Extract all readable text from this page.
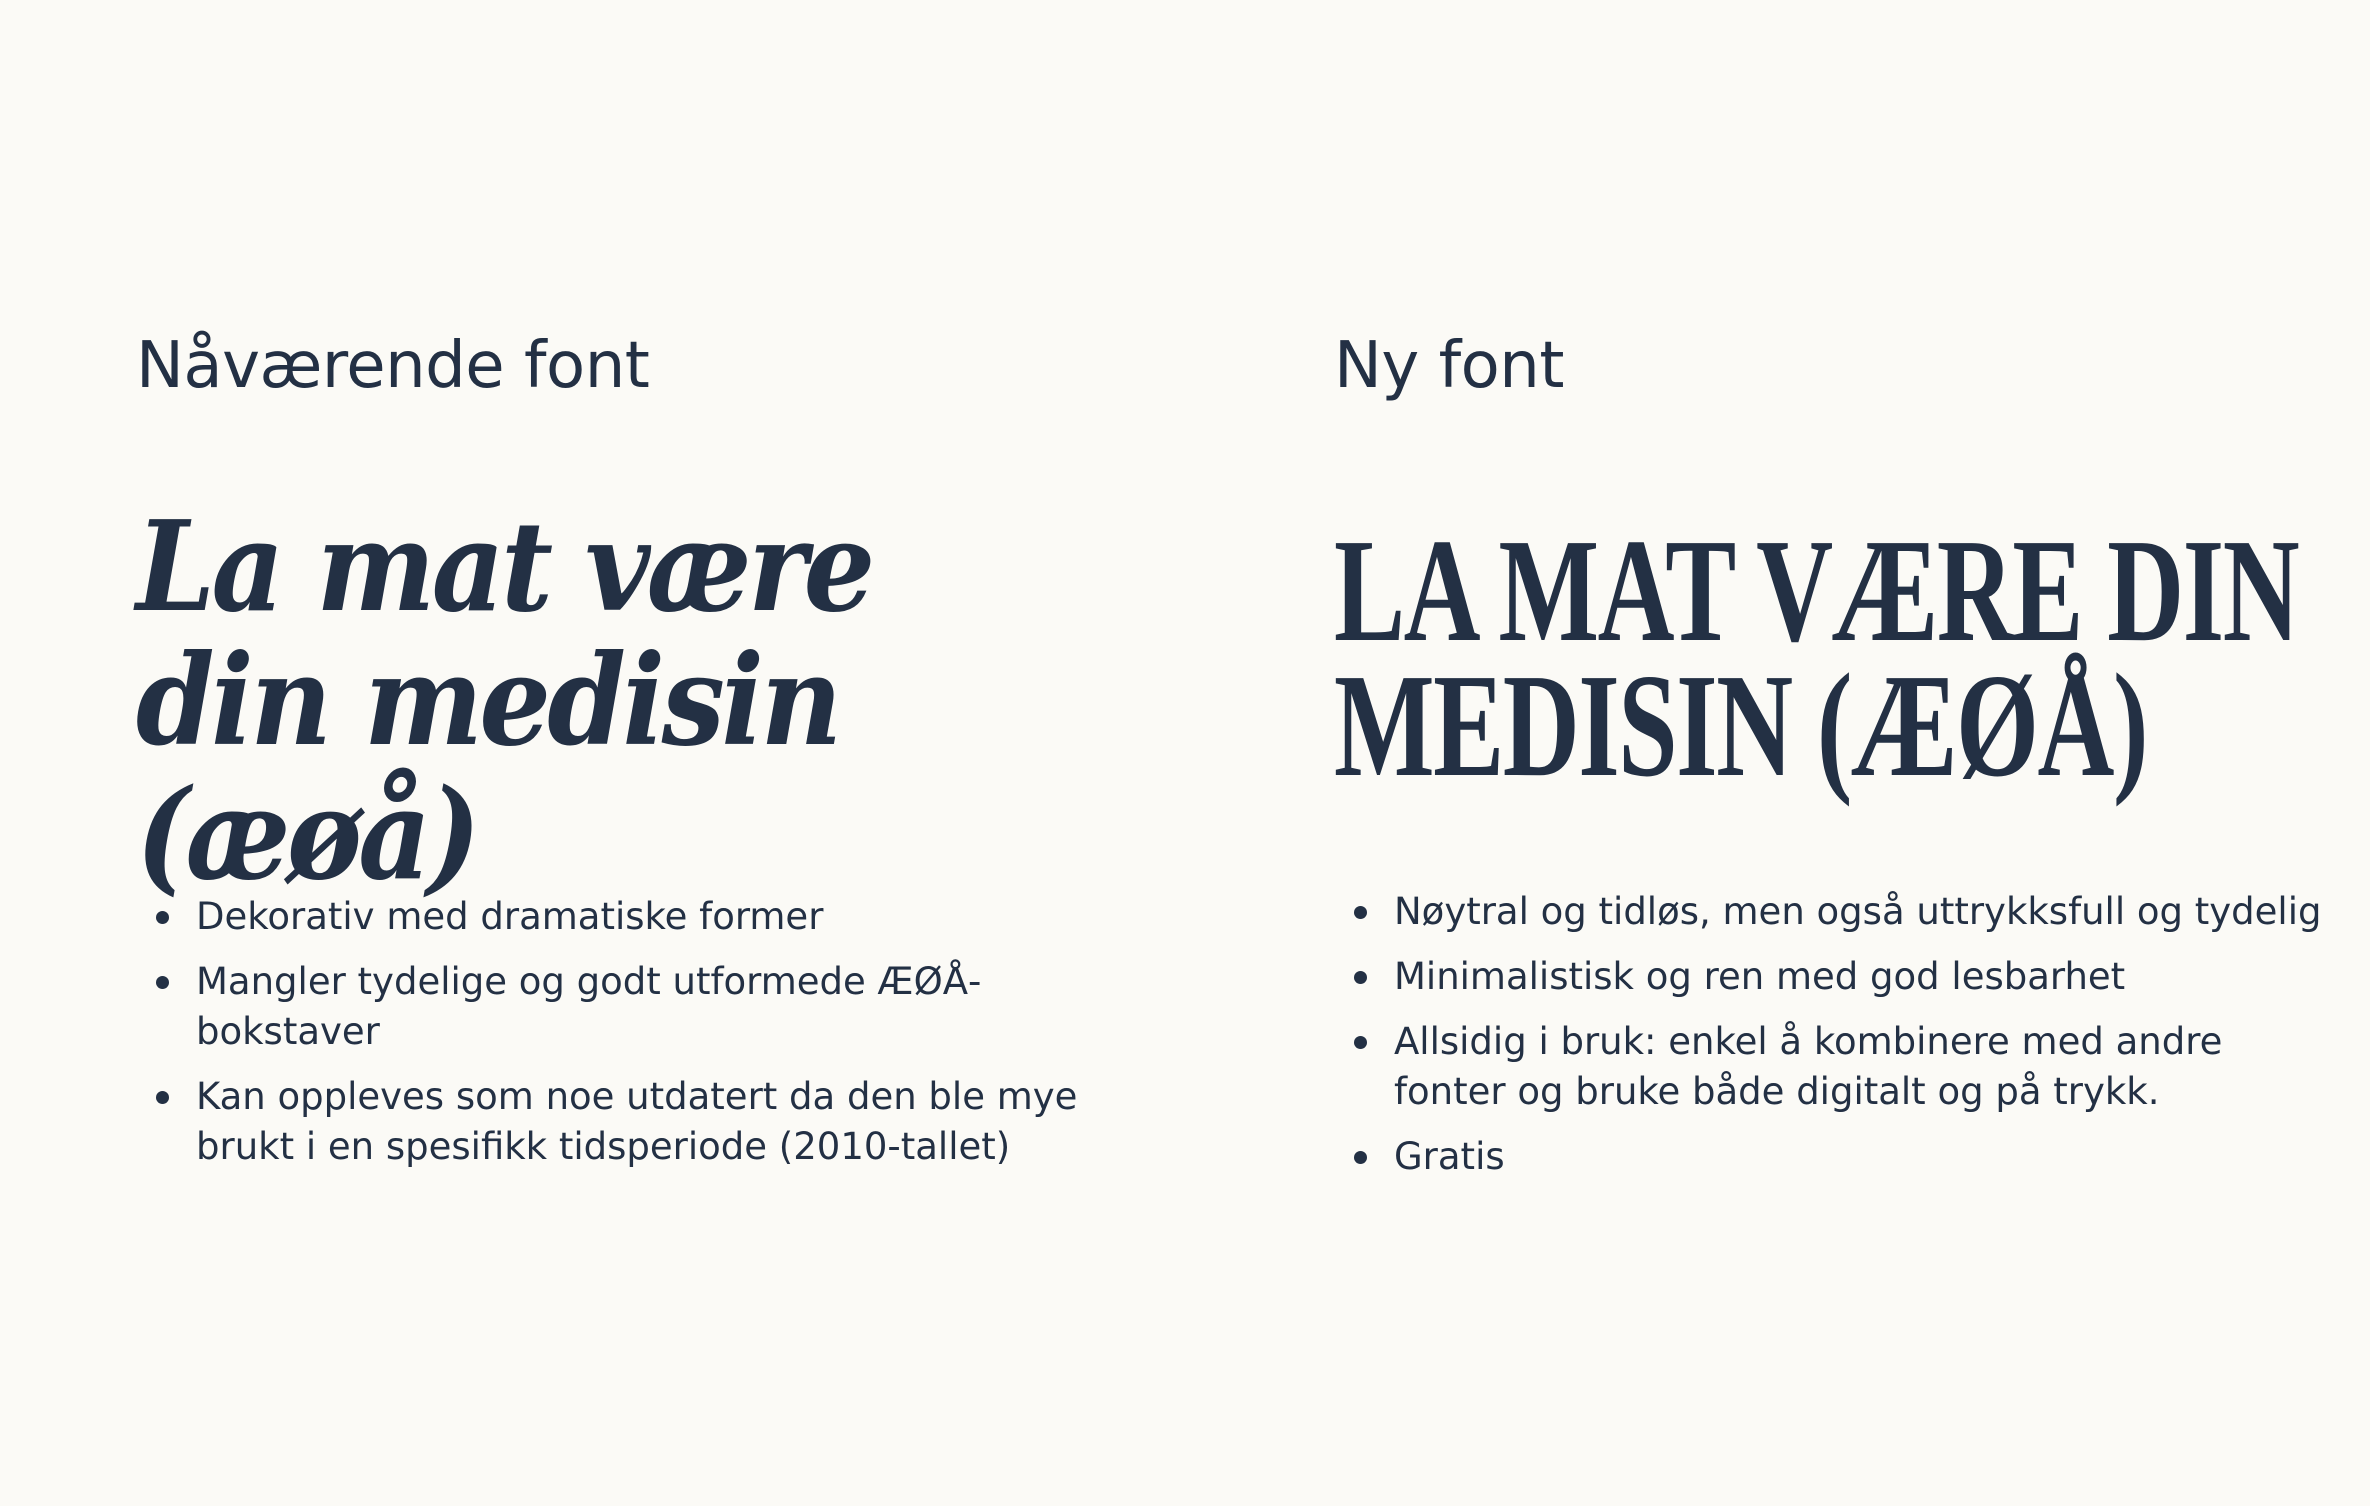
Nåværende font

La mat være din medisin (æøå)

Dekorativ med dramatiske former
Mangler tydelige og godt utformede ÆØÅ-bokstaver
Kan oppleves som noe utdatert da den ble mye brukt i en spesifikk tidsperiode (2010-tallet)
Ny font

LA MAT VÆRE DIN
MEDISIN (ÆØÅ)

Nøytral og tidløs, men også uttrykksfull og tydelig
Minimalistisk og ren med god lesbarhet
Allsidig i bruk: enkel å kombinere med andre fonter og bruke både digitalt og på trykk.
Gratis
